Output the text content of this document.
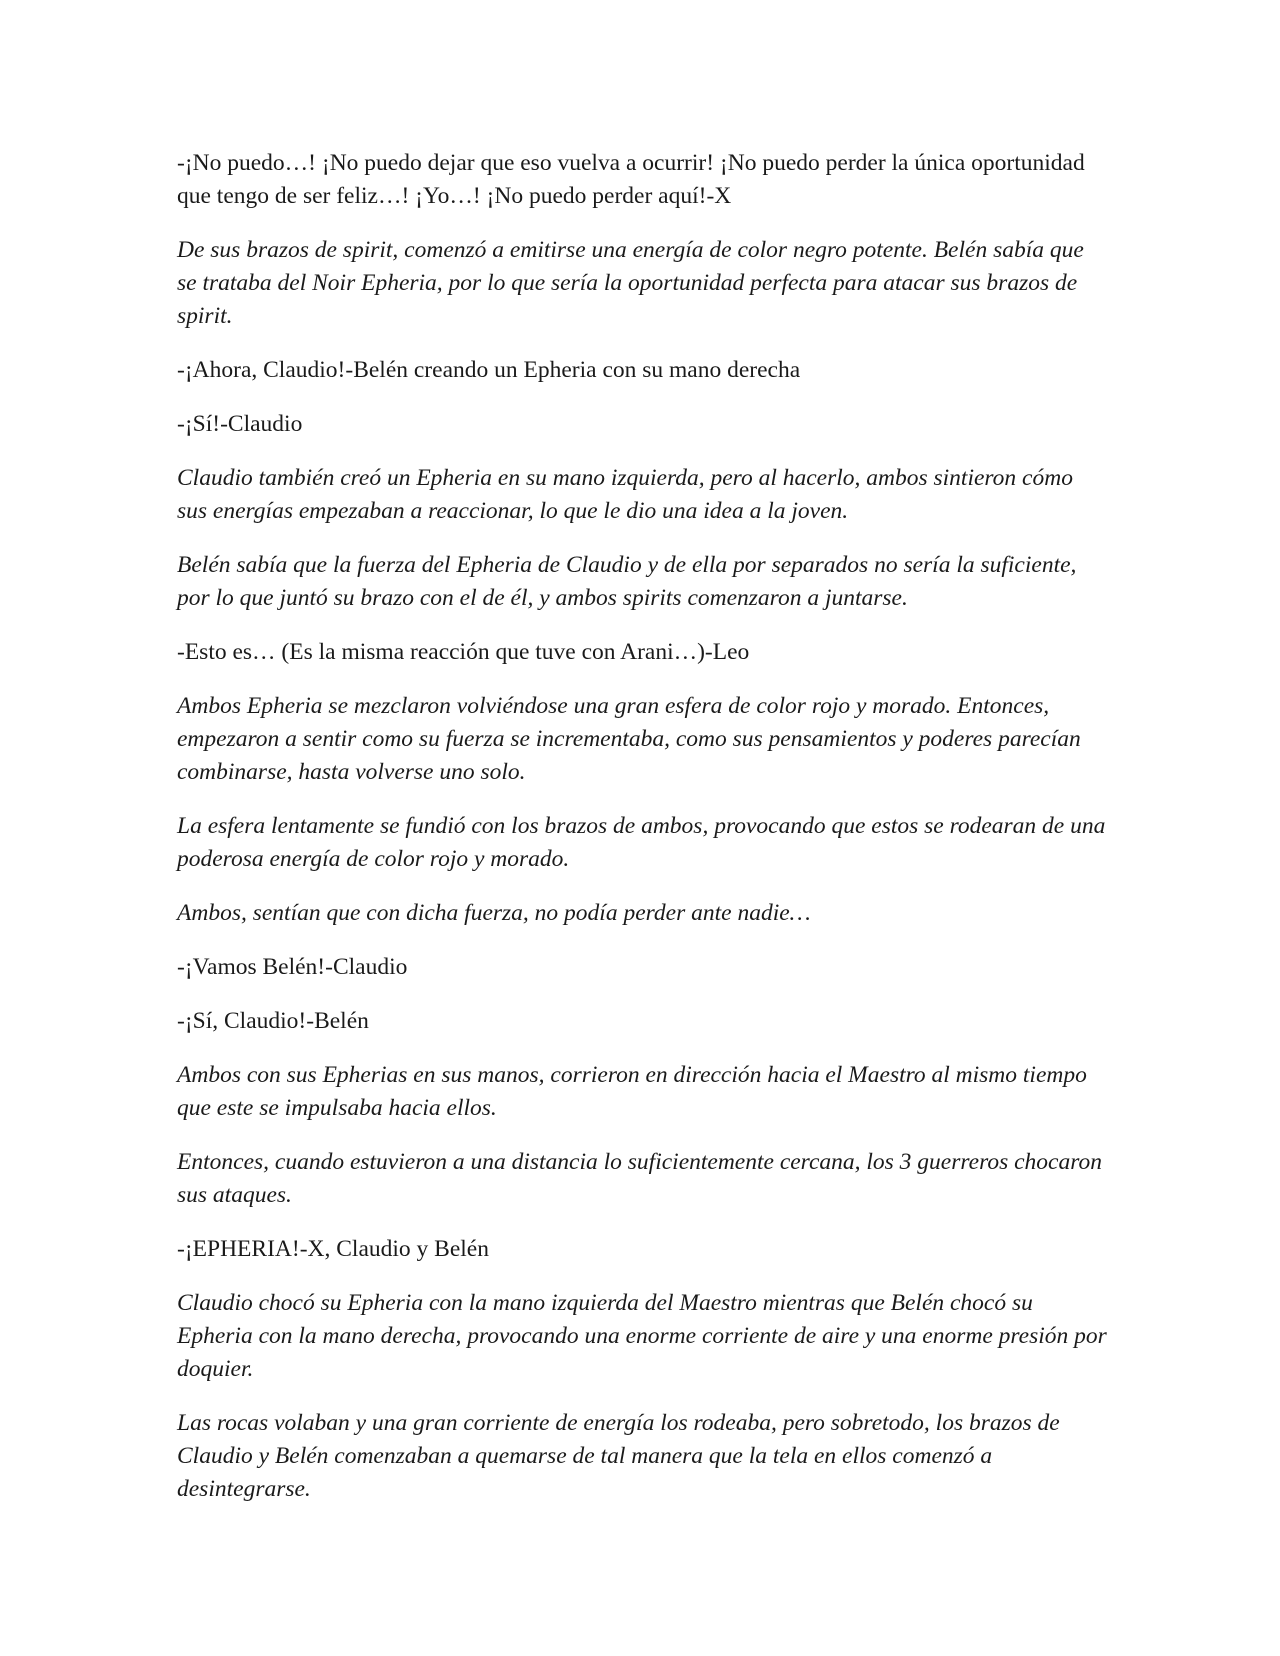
-¡No puedo…! ¡No puedo dejar que eso vuelva a ocurrir! ¡No puedo perder la única oportunidad que tengo de ser feliz…! ¡Yo…! ¡No puedo perder aquí!-X

De sus brazos de spirit, comenzó a emitirse una energía de color negro potente. Belén sabía que se trataba del Noir Epheria, por lo que sería la oportunidad perfecta para atacar sus brazos de spirit.

-¡Ahora, Claudio!-Belén creando un Epheria con su mano derecha

-¡Sí!-Claudio

Claudio también creó un Epheria en su mano izquierda, pero al hacerlo, ambos sintieron cómo sus energías empezaban a reaccionar, lo que le dio una idea a la joven.

Belén sabía que la fuerza del Epheria de Claudio y de ella por separados no sería la suficiente, por lo que juntó su brazo con el de él, y ambos spirits comenzaron a juntarse.

-Esto es… (Es la misma reacción que tuve con Arani…)-Leo

Ambos Epheria se mezclaron volviéndose una gran esfera de color rojo y morado. Entonces, empezaron a sentir como su fuerza se incrementaba, como sus pensamientos y poderes parecían combinarse, hasta volverse uno solo.

La esfera lentamente se fundió con los brazos de ambos, provocando que estos se rodearan de una poderosa energía de color rojo y morado.

Ambos, sentían que con dicha fuerza, no podía perder ante nadie…

-¡Vamos Belén!-Claudio

-¡Sí, Claudio!-Belén

Ambos con sus Epherias en sus manos, corrieron en dirección hacia el Maestro al mismo tiempo que este se impulsaba hacia ellos.

Entonces, cuando estuvieron a una distancia lo suficientemente cercana, los 3 guerreros chocaron sus ataques.

-¡EPHERIA!-X, Claudio y Belén

Claudio chocó su Epheria con la mano izquierda del Maestro mientras que Belén chocó su Epheria con la mano derecha, provocando una enorme corriente de aire y una enorme presión por doquier.

Las rocas volaban y una gran corriente de energía los rodeaba, pero sobretodo, los brazos de Claudio y Belén comenzaban a quemarse de tal manera que la tela en ellos comenzó a desintegrarse.
